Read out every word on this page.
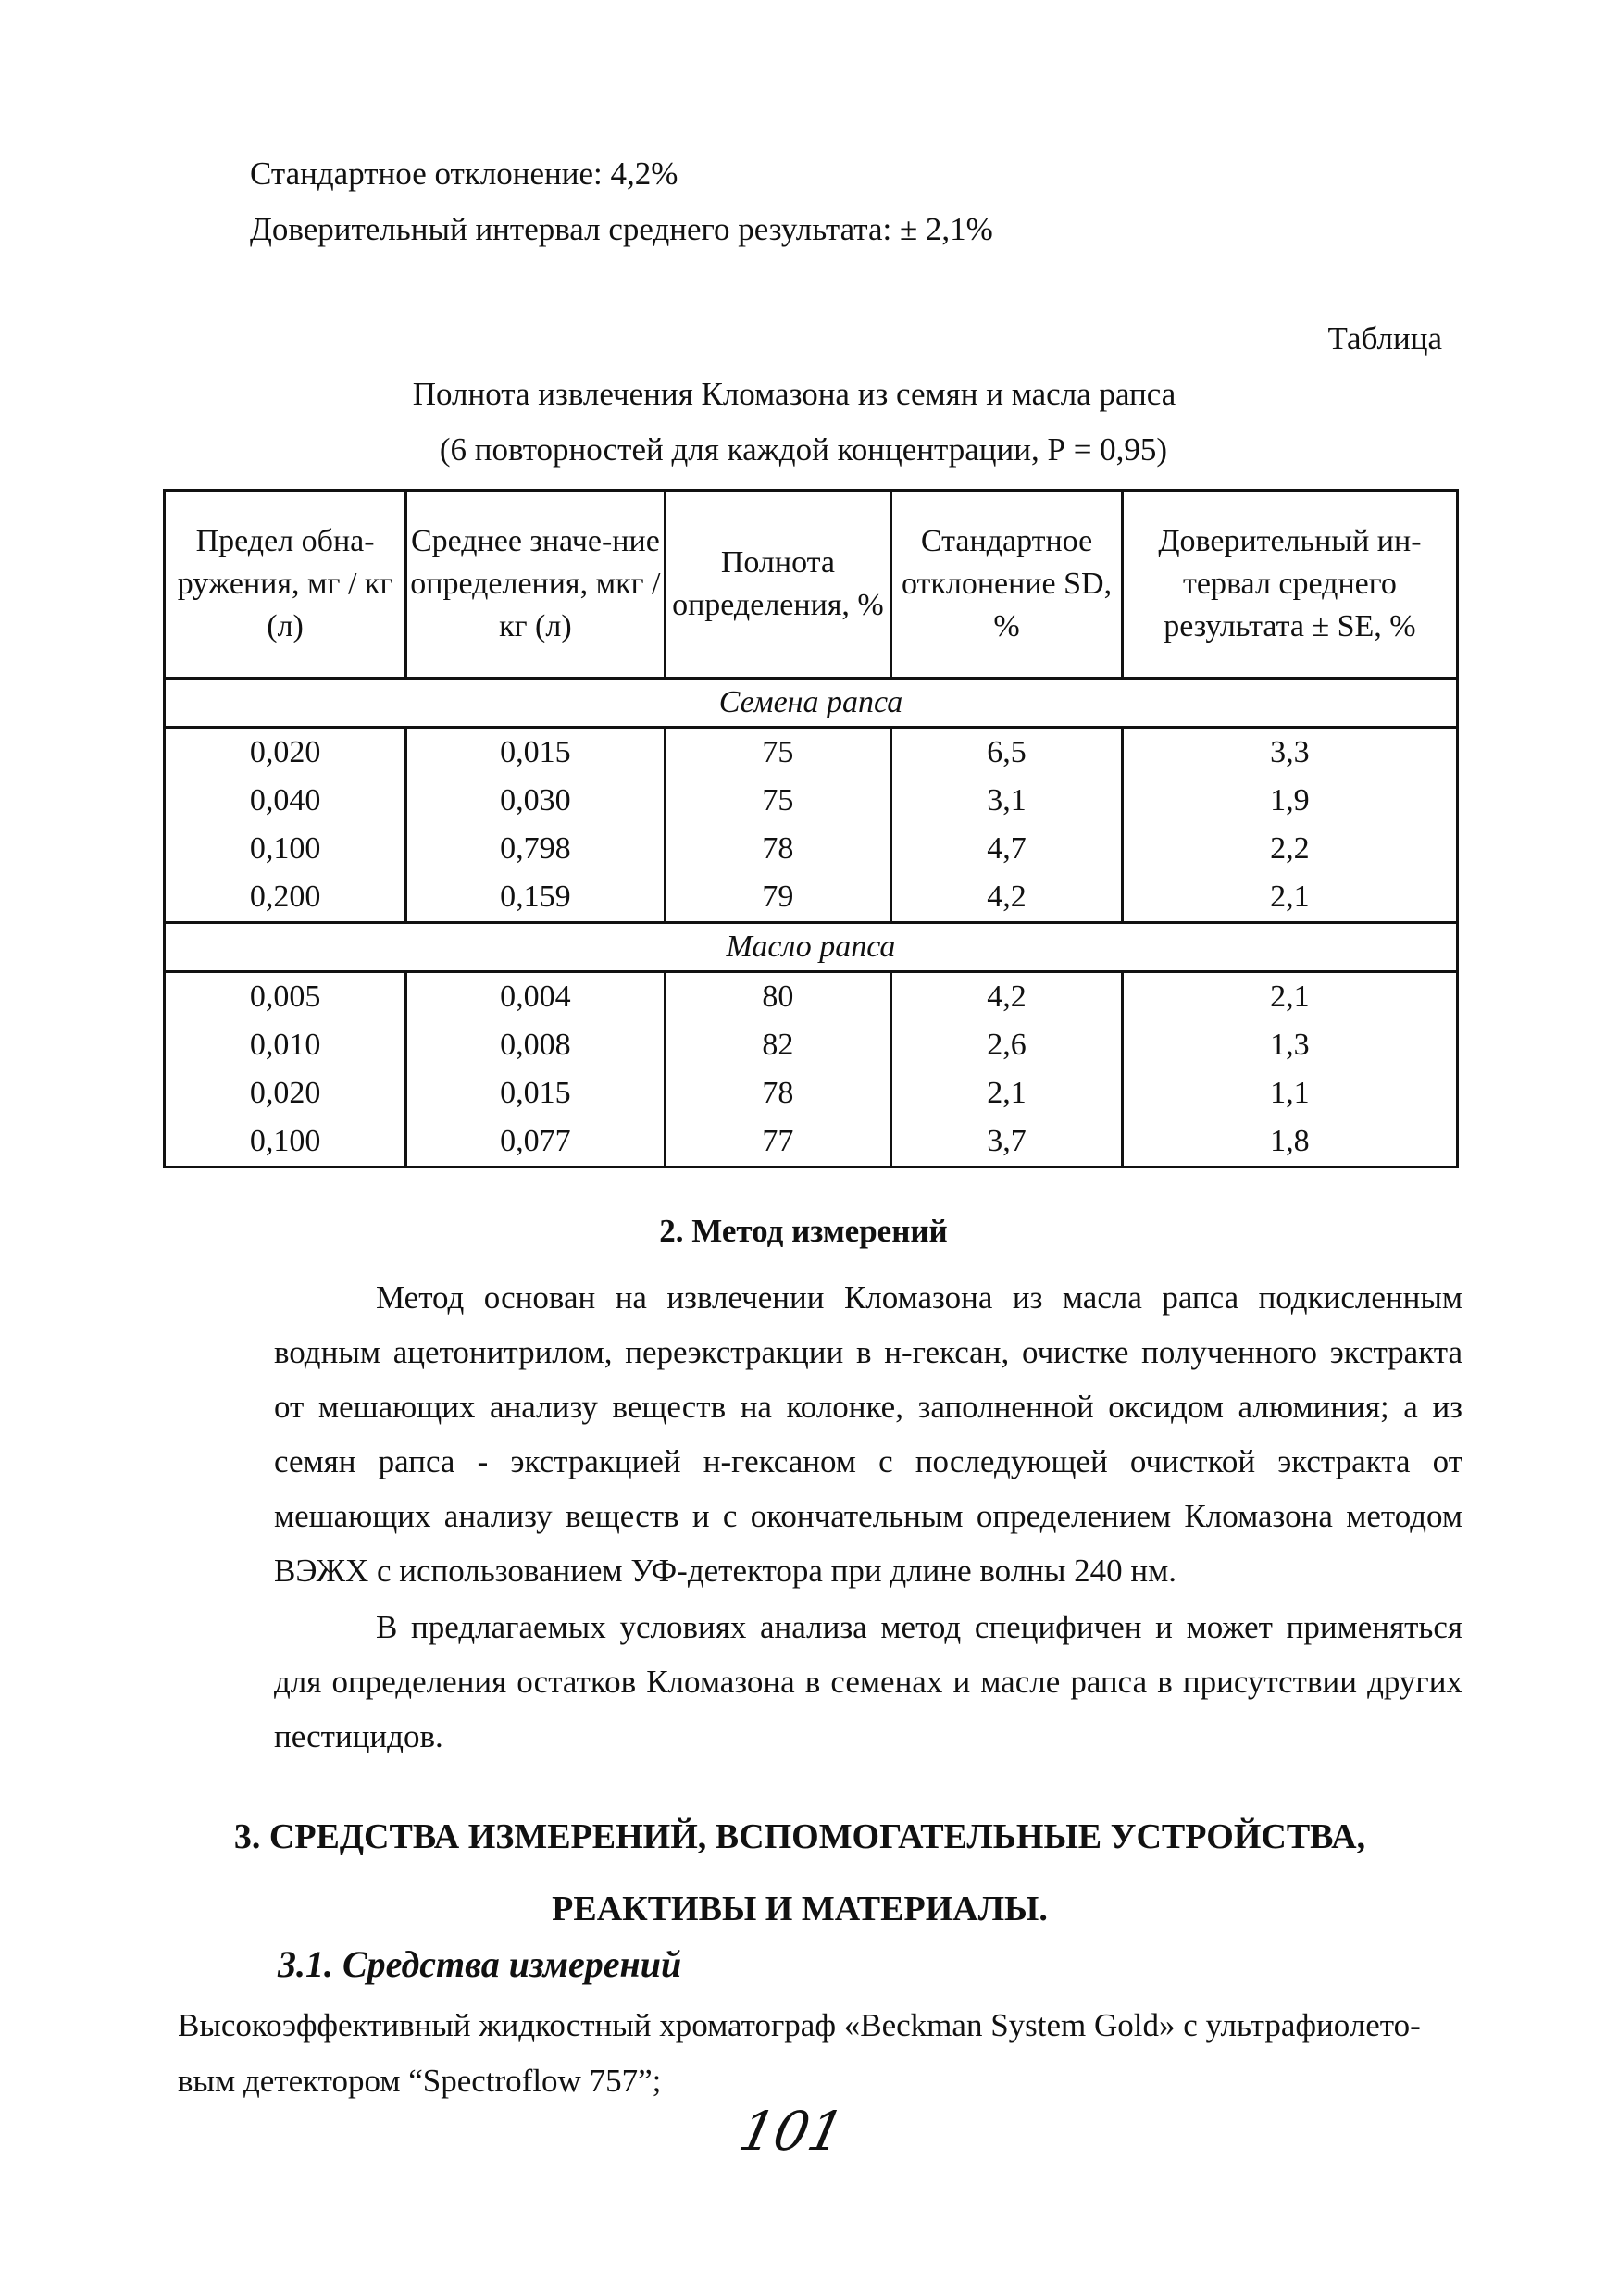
Стандартное отклонение: 4,2%
Доверительный интервал среднего результата: ± 2,1%
Таблица
Полнота извлечения Кломазона из семян и масла рапса
(6 повторностей для каждой концентрации, Р = 0,95)
Предел обна-ружения, мг / кг (л)	Среднее значе-ние определения, мкг / кг (л)	Полнота определения, %	Стандартное отклонение SD, %	Доверительный ин-тервал среднего результата ± SE, %
Семена рапса				
0,020	0,015	75	6,5	3,3
0,040	0,030	75	3,1	1,9
0,100	0,798	78	4,7	2,2
0,200	0,159	79	4,2	2,1
Масло рапса				
0,005	0,004	80	4,2	2,1
0,010	0,008	82	2,6	1,3
0,020	0,015	78	2,1	1,1
0,100	0,077	77	3,7	1,8
2. Метод измерений
Метод основан на извлечении Кломазона из масла рапса подкисленным водным ацетонитрилом, переэкстракции в н-гексан, очистке полученного экстракта от мешающих анализу веществ на колонке, заполненной оксидом алюминия; а из семян рапса - экстракцией н-гексаном с последующей очисткой экстракта от мешающих анализу веществ и с окончательным определением Кломазона методом ВЭЖХ с использованием УФ-детектора при длине волны 240 нм.
В предлагаемых условиях анализа метод специфичен и может применяться для определения остатков Кломазона в семенах и масле рапса в присутствии других пестицидов.
3. СРЕДСТВА ИЗМЕРЕНИЙ, ВСПОМОГАТЕЛЬНЫЕ УСТРОЙСТВА,
РЕАКТИВЫ И МАТЕРИАЛЫ.
3.1. Средства измерений
Высокоэффективный жидкостный хроматограф «Beckman System Gold» с ультрафиолето-
вым детектором “Spectroflow 757”;
101
